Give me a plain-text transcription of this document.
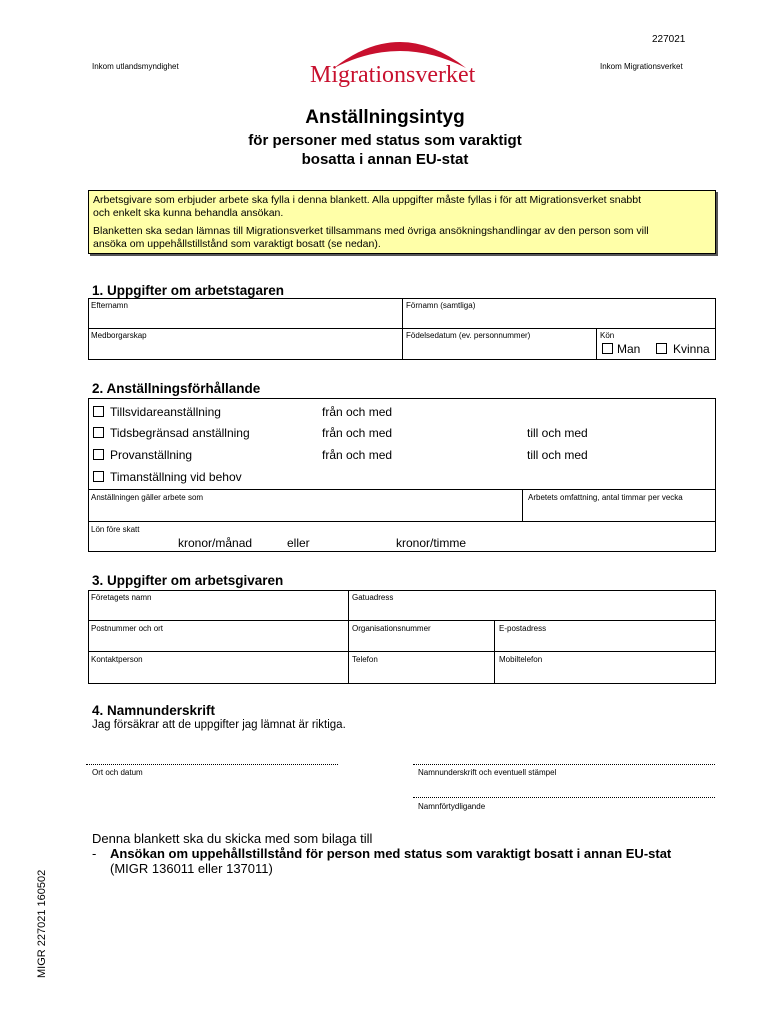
227021
Inkom utlandsmyndighet	Inkom Migrationsverket
Migrationsverket
Anställningsintyg
för personer med status som varaktigt
bosatta i annan EU-stat
Arbetsgivare som erbjuder arbete ska fylla i denna blankett. Alla uppgifter måste fyllas i för att Migrationsverket snabbt
och enkelt ska kunna behandla ansökan.
Blanketten ska sedan lämnas till Migrationsverket tillsammans med övriga ansökningshandlingar av den person som vill
ansöka om uppehållstillstånd som varaktigt bosatt (se nedan).
1. Uppgifter om arbetstagaren
Efternamn	Förnamn (samtliga)
Medborgarskap	Födelsedatum (ev. personnummer)	Kön
Man	Kvinna
2. Anställningsförhållande
Tillsvidareanställning	från och med
Tidsbegränsad anställning	från och med	till och med
Provanställning	från och med	till och med
Timanställning vid behov
Anställningen gäller arbete som	Arbetets omfattning, antal timmar per vecka
Lön före skatt
kronor/månad	eller	kronor/timme
3. Uppgifter om arbetsgivaren
Företagets namn	Gatuadress
Postnummer och ort	Organisationsnummer	E-postadress
Kontaktperson	Telefon	Mobiltelefon
4. Namnunderskrift
Jag försäkrar att de uppgifter jag lämnat är riktiga.
Ort och datum	Namnunderskrift och eventuell stämpel
Namnförtydligande
Denna blankett ska du skicka med som bilaga till
- Ansökan om uppehållstillstånd för person med status som varaktigt bosatt i annan EU-stat
(MIGR 136011 eller 137011)
MIGR 227021 160502
